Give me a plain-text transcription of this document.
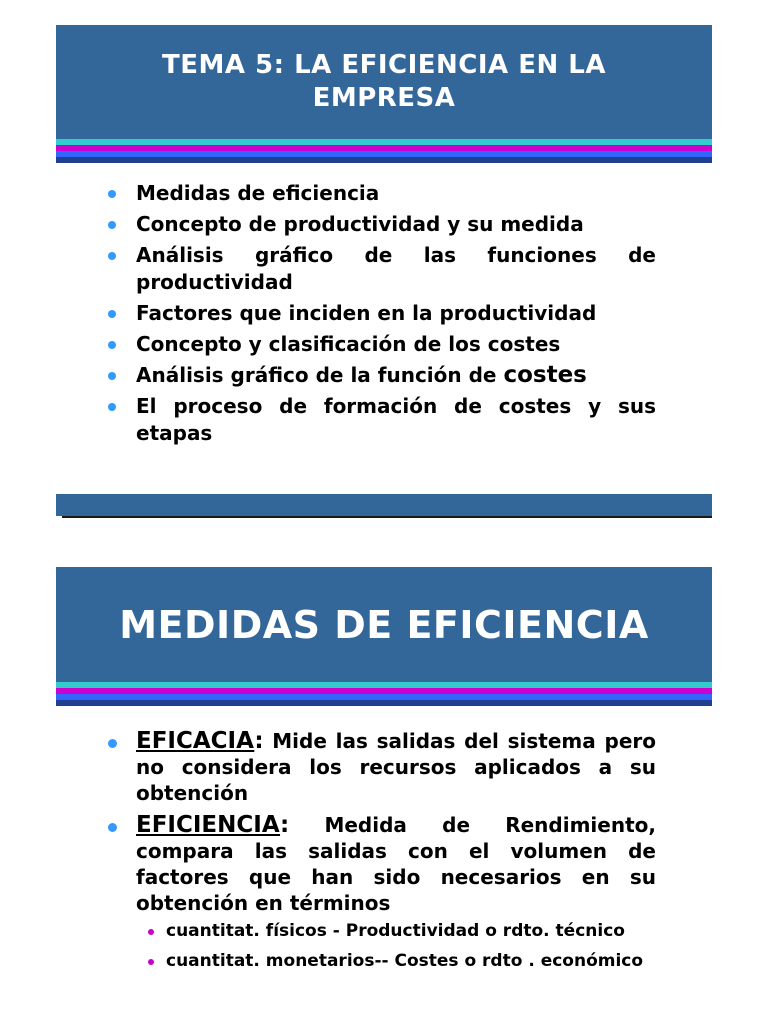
TEMA 5: LA EFICIENCIA EN LA EMPRESA
Medidas de eficiencia
Concepto de productividad y su medida
Análisis gráfico de las funciones de productividad
Factores que inciden en la productividad
Concepto y clasificación de los costes
Análisis gráfico de la función de costes
El proceso de formación de costes y sus etapas
MEDIDAS DE EFICIENCIA
EFICACIA: Mide las salidas del sistema pero no considera los recursos aplicados a su obtención
EFICIENCIA: Medida de Rendimiento, compara las salidas con el volumen de factores que han sido necesarios en su obtención en términos
cuantitat. físicos - Productividad o rdto. técnico
cuantitat. monetarios-- Costes o rdto . económico
